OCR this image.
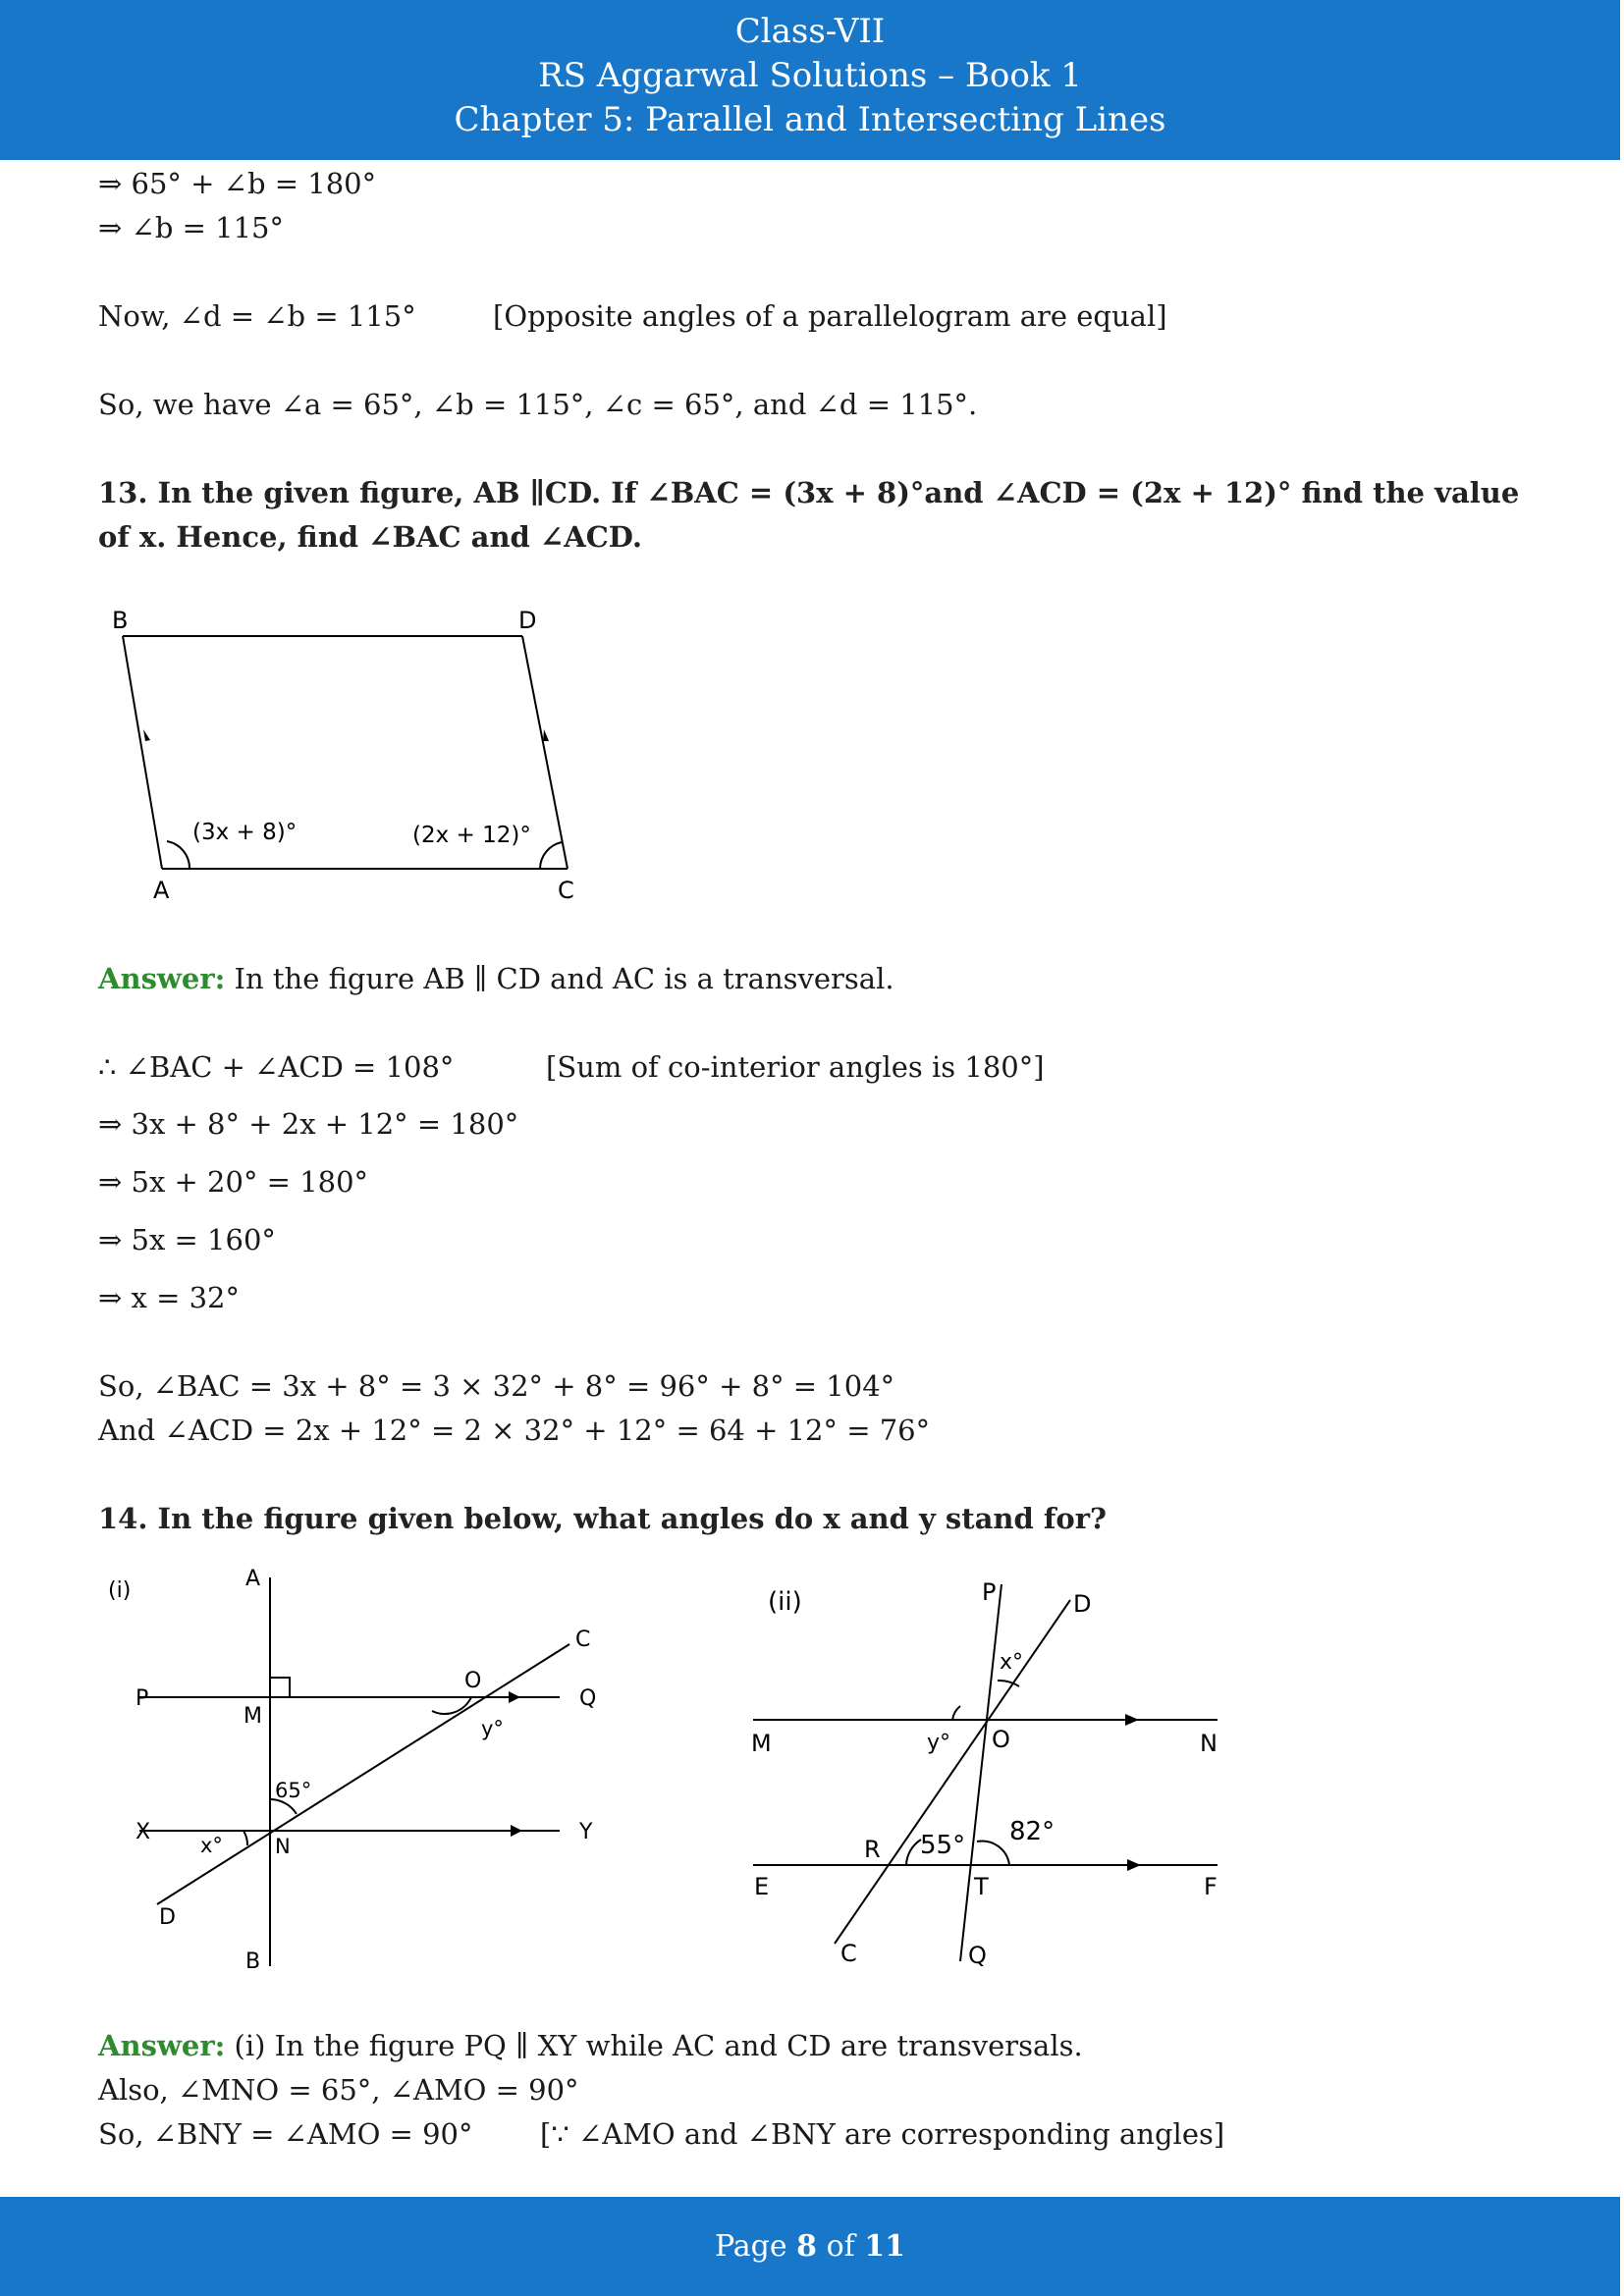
Class-VII
RS Aggarwal Solutions – Book 1
Chapter 5: Parallel and Intersecting Lines
⇒ 65° + ∠b = 180°
⇒ ∠b = 115°
Now, ∠d = ∠b = 115°	[Opposite angles of a parallelogram are equal]
So, we have ∠a = 65°, ∠b = 115°, ∠c = 65°, and ∠d = 115°.
13. In the given figure, AB ∥CD. If ∠BAC = (3x + 8)°and ∠ACD = (2x + 12)° find the value of x. Hence, find ∠BAC and ∠ACD.
B	D
A	C
(3x + 8)°	(2x + 12)°
Answer: In the figure AB ∥ CD and AC is a transversal.
∴ ∠BAC + ∠ACD = 108°	[Sum of co-interior angles is 180°]
⇒ 3x + 8° + 2x + 12° = 180°
⇒ 5x + 20° = 180°
⇒ 5x = 160°
⇒ x = 32°
So, ∠BAC = 3x + 8° = 3 × 32° + 8° = 96° + 8° = 104°
And ∠ACD = 2x + 12° = 2 × 32° + 12° = 64 + 12° = 76°
14. In the figure given below, what angles do x and y stand for?
(i)	A
B
C
D
P	Q
M
O
X	Y
N
x°
y°
65°
(ii)	P	D
M	N
O
E	F
R
T
C	Q
x°
y°
55° 82°
Answer: (i) In the figure PQ ∥ XY while AC and CD are transversals.
Also, ∠MNO = 65°, ∠AMO = 90°
So, ∠BNY = ∠AMO = 90° [∵ ∠AMO and ∠BNY are corresponding angles]
Page 8 of 11
